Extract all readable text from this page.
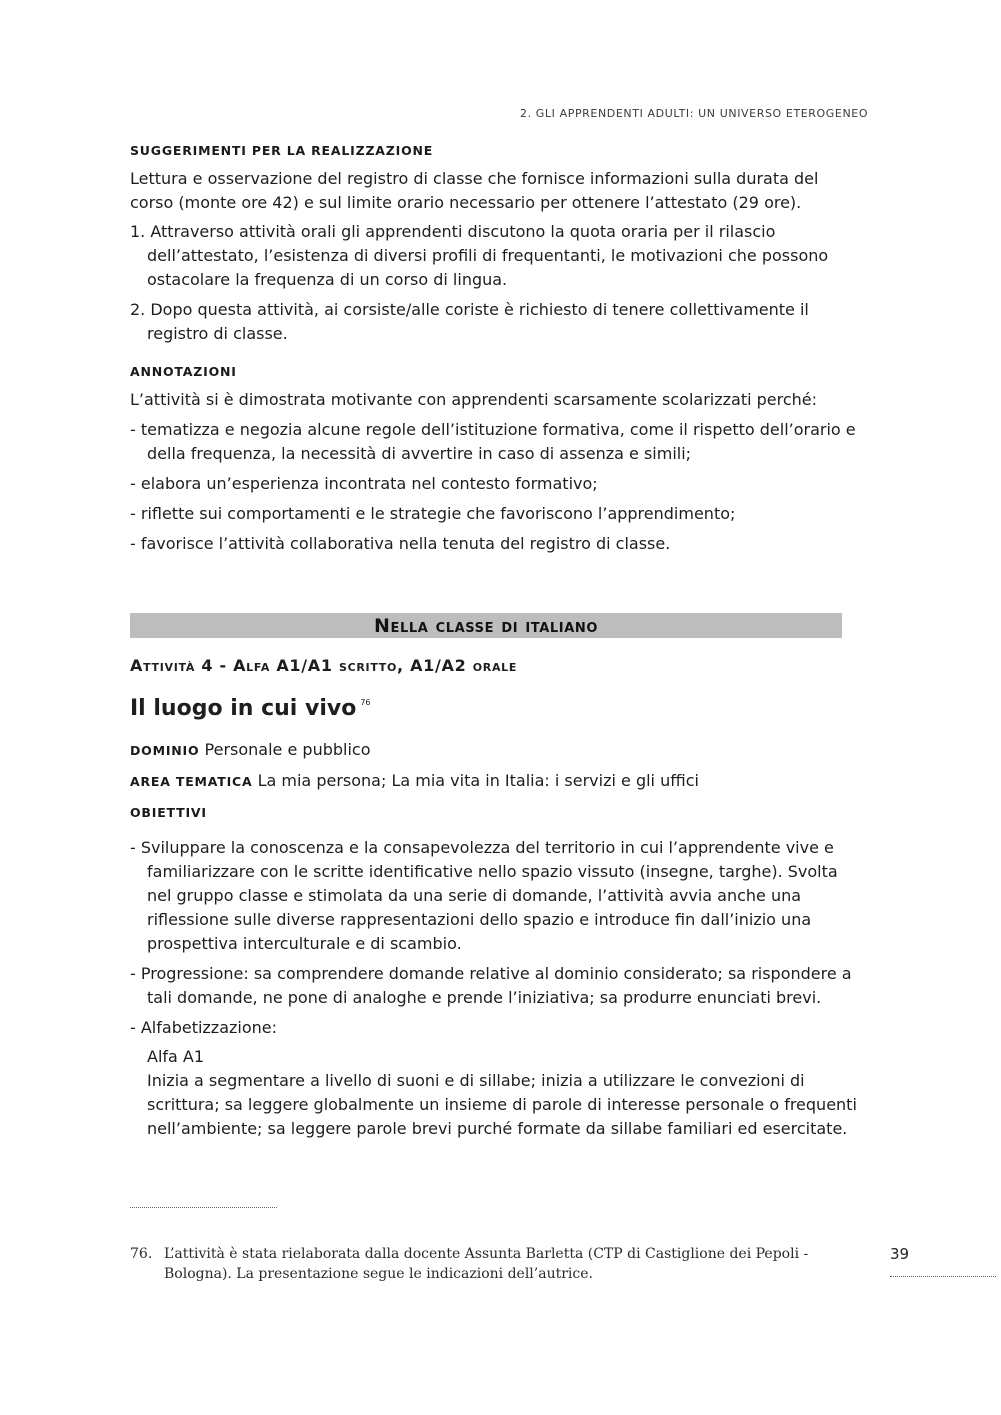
2. GLI APPRENDENTI ADULTI: UN UNIVERSO ETEROGENEO
SUGGERIMENTI PER LA REALIZZAZIONE
Lettura e osservazione del registro di classe che fornisce informazioni sulla durata del corso (monte ore 42) e sul limite orario necessario per ottenere l’attestato (29 ore).
1. Attraverso attività orali gli apprendenti discutono la quota oraria per il rilascio dell’attestato, l’esistenza di diversi profili di frequentanti, le motivazioni che possono ostacolare la frequenza di un corso di lingua.
2. Dopo questa attività, ai corsiste/alle coriste è richiesto di tenere collettivamente il registro di classe.
ANNOTAZIONI
L’attività si è dimostrata motivante con apprendenti scarsamente scolarizzati perché:
- tematizza e negozia alcune regole dell’istituzione formativa, come il rispetto dell’orario e della frequenza, la necessità di avvertire in caso di assenza e simili;
- elabora un’esperienza incontrata nel contesto formativo;
- riflette sui comportamenti e le strategie che favoriscono l’apprendimento;
- favorisce l’attività collaborativa nella tenuta del registro di classe.
Nella classe di italiano
Attività 4 - Alfa A1/A1 scritto, A1/A2 orale
Il luogo in cui vivo $^{76}$
DOMINIO Personale e pubblico
AREA TEMATICA La mia persona; La mia vita in Italia: i servizi e gli uffici
OBIETTIVI
- Sviluppare la conoscenza e la consapevolezza del territorio in cui l’apprendente vive e familiarizzare con le scritte identificative nello spazio vissuto (insegne, targhe). Svolta nel gruppo classe e stimolata da una serie di domande, l’attività avvia anche una riflessione sulle diverse rappresentazioni dello spazio e introduce fin dall’inizio una prospettiva interculturale e di scambio.
- Progressione: sa comprendere domande relative al dominio considerato; sa rispondere a tali domande, ne pone di analoghe e prende l’iniziativa; sa produrre enunciati brevi.
- Alfabetizzazione:
Alfa A1
Inizia a segmentare a livello di suoni e di sillabe; inizia a utilizzare le convezioni di scrittura; sa leggere globalmente un insieme di parole di interesse personale o frequenti nell’ambiente; sa leggere parole brevi purché formate da sillabe familiari ed esercitate.
76. L’attività è stata rielaborata dalla docente Assunta Barletta (CTP di Castiglione dei Pepoli - Bologna). La presentazione segue le indicazioni dell’autrice.
39
